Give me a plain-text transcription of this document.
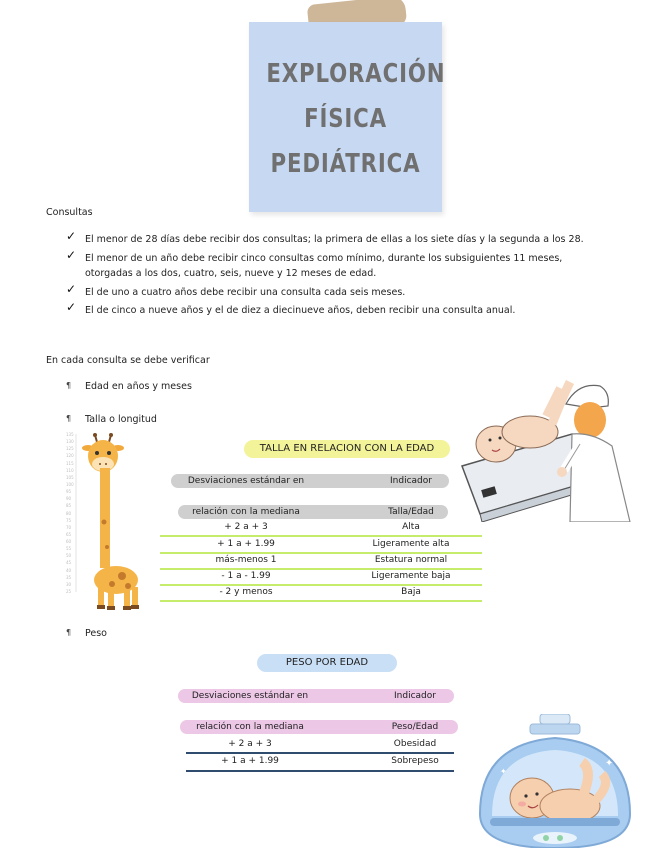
EXPLORACIÓN
FÍSICA
PEDIÁTRICA
Consultas
✓ El menor de 28 días debe recibir dos consultas; la primera de ellas a los siete días y la segunda a los 28.
✓ El menor de un año debe recibir cinco consultas como mínimo, durante los subsiguientes 11 meses,
otorgadas a los dos, cuatro, seis, nueve y 12 meses de edad.
✓ El de uno a cuatro años debe recibir una consulta cada seis meses.
✓ El de cinco a nueve años y el de diez a diecinueve años, deben recibir una consulta anual.
En cada consulta se debe verificar
¶ Edad en años y meses
¶ Talla o longitud
¶ Peso
135
130
125
120
115
110
105
100
95
90
85
80
75
70
65
60
55
50
45
40
35
30
25
TALLA EN RELACION CON LA EDAD
Desviaciones estándar en	Indicador
relación con la mediana	Talla/Edad
+ 2 a + 3	Alta
+ 1 a + 1.99	Ligeramente alta
más-menos 1	Estatura normal
- 1 a - 1.99	Ligeramente baja
- 2 y menos	Baja
PESO POR EDAD
Desviaciones estándar en	Indicador
relación con la mediana	Peso/Edad
+ 2 a + 3	Obesidad
+ 1 a + 1.99	Sobrepeso	✦
✦
